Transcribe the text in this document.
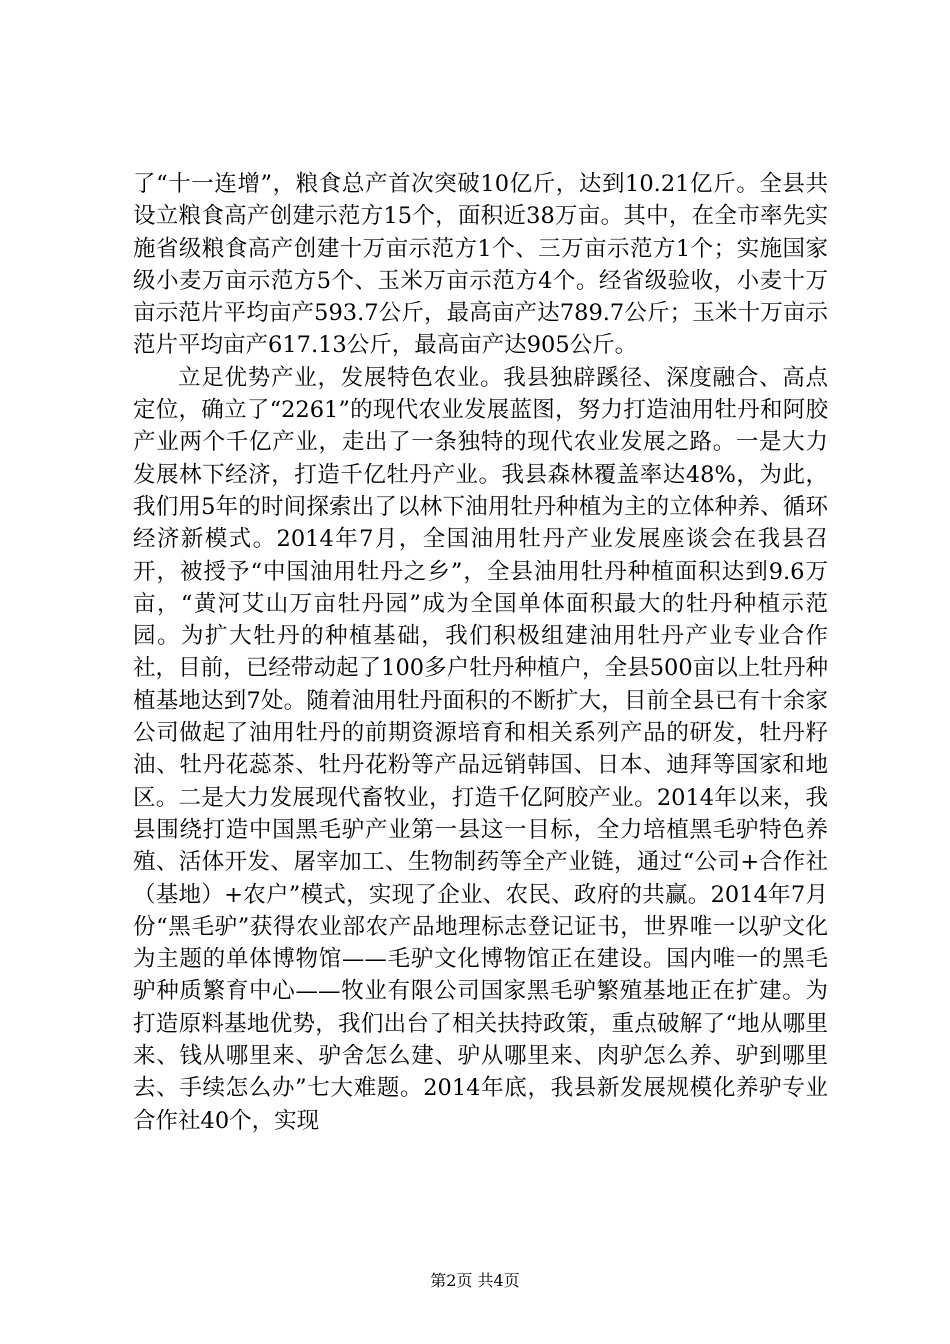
了“十一连增”，粮食总产首次突破10亿斤，达到10.21亿斤。全县共设立粮食高产创建示范方15个，面积近38万亩。其中，在全市率先实施省级粮食高产创建十万亩示范方1个、三万亩示范方1个；实施国家级小麦万亩示范方5个、玉米万亩示范方4个。经省级验收，小麦十万亩示范片平均亩产593.7公斤，最高亩产达789.7公斤；玉米十万亩示范片平均亩产617.13公斤，最高亩产达905公斤。

立足优势产业，发展特色农业。我县独辟蹊径、深度融合、高点定位，确立了“2261”的现代农业发展蓝图，努力打造油用牡丹和阿胶产业两个千亿产业，走出了一条独特的现代农业发展之路。一是大力发展林下经济，打造千亿牡丹产业。我县森林覆盖率达48%，为此，我们用5年的时间探索出了以林下油用牡丹种植为主的立体种养、循环经济新模式。2014年7月，全国油用牡丹产业发展座谈会在我县召开，被授予“中国油用牡丹之乡”，全县油用牡丹种植面积达到9.6万亩，“黄河艾山万亩牡丹园”成为全国单体面积最大的牡丹种植示范园。为扩大牡丹的种植基础，我们积极组建油用牡丹产业专业合作社，目前，已经带动起了100多户牡丹种植户，全县500亩以上牡丹种植基地达到7处。随着油用牡丹面积的不断扩大，目前全县已有十余家公司做起了油用牡丹的前期资源培育和相关系列产品的研发，牡丹籽油、牡丹花蕊茶、牡丹花粉等产品远销韩国、日本、迪拜等国家和地区。二是大力发展现代畜牧业，打造千亿阿胶产业。2014年以来，我县围绕打造中国黑毛驴产业第一县这一目标，全力培植黑毛驴特色养殖、活体开发、屠宰加工、生物制药等全产业链，通过“公司+合作社（基地）+农户”模式，实现了企业、农民、政府的共赢。2014年7月份“黑毛驴”获得农业部农产品地理标志登记证书，世界唯一以驴文化为主题的单体博物馆——毛驴文化博物馆正在建设。国内唯一的黑毛驴种质繁育中心——牧业有限公司国家黑毛驴繁殖基地正在扩建。为打造原料基地优势，我们出台了相关扶持政策，重点破解了“地从哪里来、钱从哪里来、驴舍怎么建、驴从哪里来、肉驴怎么养、驴到哪里去、手续怎么办”七大难题。2014年底，我县新发展规模化养驴专业合作社40个，实现

第2页 共4页
